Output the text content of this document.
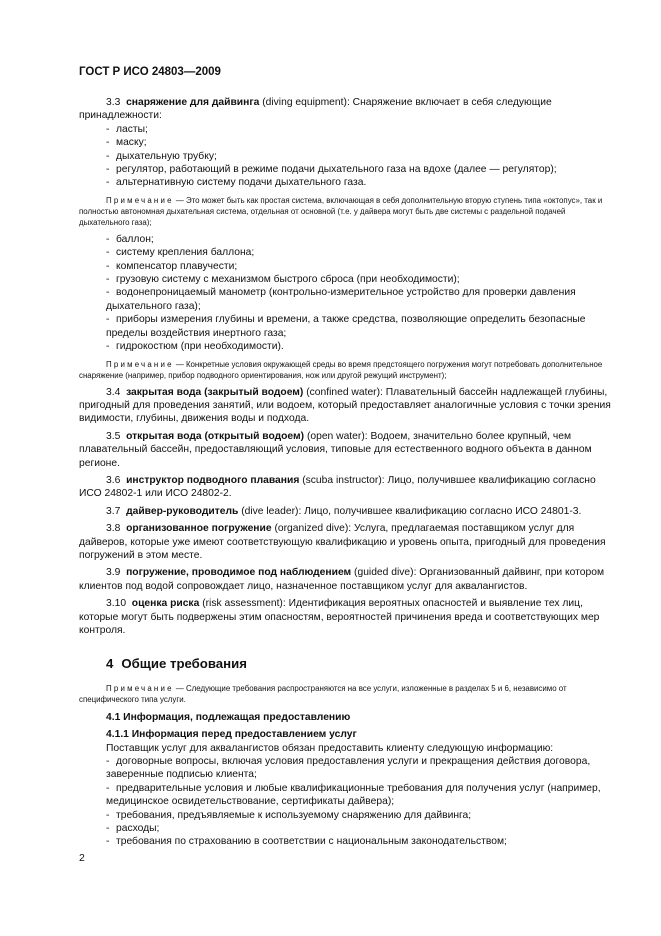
ГОСТ Р ИСО 24803—2009

3.3 снаряжение для дайвинга (diving equipment): Снаряжение включает в себя следующие принадлежности:

- ласты;

- маску;

- дыхательную трубку;

- регулятор, работающий в режиме подачи дыхательного газа на вдохе (далее — регулятор);

- альтернативную систему подачи дыхательного газа.

Примечание — Это может быть как простая система, включающая в себя дополнительную вторую ступень типа «октопус», так и полностью автономная дыхательная система, отдельная от основной (т.е. у дайвера могут быть две системы с раздельной подачей дыхательного газа);

- баллон;

- систему крепления баллона;

- компенсатор плавучести;

- грузовую систему с механизмом быстрого сброса (при необходимости);

- водонепроницаемый манометр (контрольно-измерительное устройство для проверки давления дыхательного газа);

- приборы измерения глубины и времени, а также средства, позволяющие определить безопасные пределы воздействия инертного газа;

- гидрокостюм (при необходимости).

Примечание — Конкретные условия окружающей среды во время предстоящего погружения могут потребовать дополнительное снаряжение (например, прибор подводного ориентирования, нож или другой режущий инструмент);

3.4 закрытая вода (закрытый водоем) (confined water): Плавательный бассейн надлежащей глубины, пригодный для проведения занятий, или водоем, который предоставляет аналогичные условия с точки зрения видимости, глубины, движения воды и подхода.

3.5 открытая вода (открытый водоем) (open water): Водоем, значительно более крупный, чем плавательный бассейн, предоставляющий условия, типовые для естественного водного объекта в данном регионе.

3.6 инструктор подводного плавания (scuba instructor): Лицо, получившее квалификацию согласно ИСО 24802-1 или ИСО 24802-2.

3.7 дайвер-руководитель (dive leader): Лицо, получившее квалификацию согласно ИСО 24801-3.

3.8 организованное погружение (organized dive): Услуга, предлагаемая поставщиком услуг для дайверов, которые уже имеют соответствующую квалификацию и уровень опыта, пригодный для проведения погружений в этом месте.

3.9 погружение, проводимое под наблюдением (guided dive): Организованный дайвинг, при котором клиентов под водой сопровождает лицо, назначенное поставщиком услуг для аквалангистов.

3.10 оценка риска (risk assessment): Идентификация вероятных опасностей и выявление тех лиц, которые могут быть подвержены этим опасностям, вероятностей причинения вреда и соответствующих мер контроля.

4 Общие требования

Примечание — Следующие требования распространяются на все услуги, изложенные в разделах 5 и 6, независимо от специфического типа услуги.

4.1 Информация, подлежащая предоставлению

4.1.1 Информация перед предоставлением услуг

Поставщик услуг для аквалангистов обязан предоставить клиенту следующую информацию:

- договорные вопросы, включая условия предоставления услуги и прекращения действия договора, заверенные подписью клиента;

- предварительные условия и любые квалификационные требования для получения услуг (например, медицинское освидетельствование, сертификаты дайвера);

- требования, предъявляемые к используемому снаряжению для дайвинга;

- расходы;

- требования по страхованию в соответствии с национальным законодательством;

2
